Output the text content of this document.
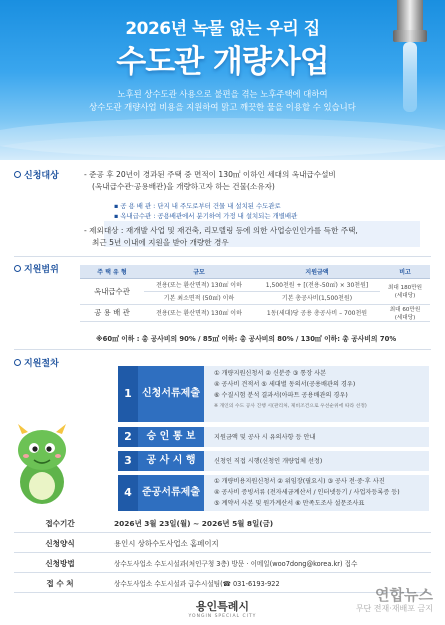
2026년 녹물 없는 우리 집
수도관 개량사업
노후된 상수도관 사용으로 불편을 겪는 노후주택에 대하여
상수도관 개량사업 비용을 지원하여 맑고 깨끗한 물을 이용할 수 있습니다
신청대상	- 준공 후 20년이 경과된 주택 중 면적이 130㎡ 이하인 세대의 옥내급수설비
(옥내급수관·공용배관)을 개량하고자 하는 건물(소유자)
▪ 공 용 배 관 : 단지 내 주도로부터 건물 내 설치된 수도관로
▪ 옥내급수관 : 공용배관에서 분기하여 가정 내 설치되는 개별배관
- 제외대상 : 재개발 사업 및 재건축, 리모델링 등에 의한 사업승인인가를 득한 주택,
최근 5년 이내에 지원을 받아 개량한 경우
지원범위	주 택 유 형	규모	지원금액	비고
옥내급수관	전용(또는 환산면적) 130㎡ 이하	1,500천원 + [(전용-50㎡) × 30천원]	최대 180만원
(세대당)

	기본 최소면적 (50㎡) 이하	기본 총공사비(1,500천원)	
공 용 배 관	전용(또는 환산면적) 130㎡ 이하	1동(세대)당 공용 총공사비 – 700천원	최대 60만원
(세대당)
※60㎡ 이하 : 총 공사비의 90% / 85㎡ 이하: 총 공사비의 80% / 130㎡ 이하: 총 공사비의 70%
지원절차
1	신청서류제출
① 개량지원신청서 ② 신분증 ③ 통장 사본
④ 공사비 견적서 ⑤ 세대별 동의서(공용배관의 경우)
⑥ 수질시험 분석 결과서(아파트 공용배관의 경우)
※ 개인의 수도 공사 진행 시(관리처, 제비조건으로 우선순위에 따라 선정)
2	승 인 통 보	지원금액 및 공사 시 유의사항 등 안내
3	공 사 시 행	신청인 직접 시행(신청인 개량업체 선정)
4	준공서류제출
① 개량비용지원신청서 ② 위임장(필요시) ③ 공사 전·중·후 사진
④ 공사비 증빙서류 (전자세금계산서 / 인터넷등기 / 사업자등록증 등)
⑤ 계약서 사본 및 원가계산서 ⑥ 만족도조사 설문조사표
접수기간	2026년 3월 23일(월) ~ 2026년 5월 8일(금)
신청양식	용인시 상하수도사업소 홈페이지
신청방법	상수도사업소 수도시설과(처인구청 3층) 방문 · 이메일(woo7dong@korea.kr) 접수
접 수 처	상수도사업소 수도시설과 급수시설팀(☎ 031-6193-922
용인특례시
YONGIN SPECIAL CITY
연합뉴스
무단 전재·재배포 금지
